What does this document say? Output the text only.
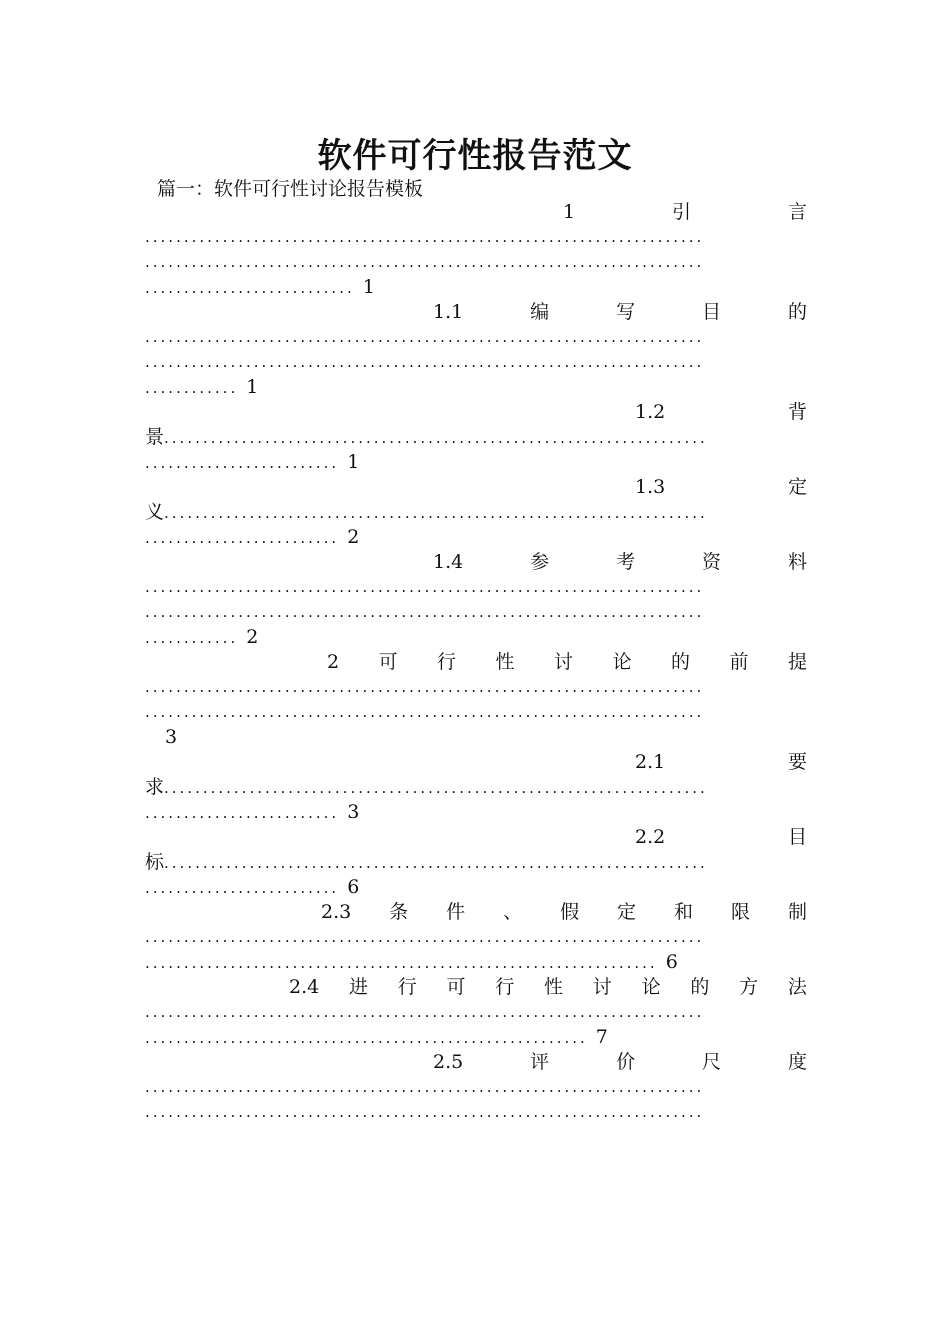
软件可行性报告范文
篇一：软件可行性讨论报告模板
1	引	言
........................................................................
........................................................................
........................... 1
1.1	编	写	目	的
........................................................................
........................................................................
............ 1
1.2	背
景......................................................................
......................... 1
1.3	定
义......................................................................
......................... 2
1.4	参	考	资	料
........................................................................
........................................................................
............ 2
2 可 行 性 讨 论 的 前 提
........................................................................
........................................................................
3
2.1	要
求......................................................................
......................... 3
2.2	目
标......................................................................
......................... 6
2.3 条 件 、 假 定 和 限 制
........................................................................
.................................................................. 6
2.4 进 行 可 行 性 讨 论 的 方 法
........................................................................
......................................................... 7
2.5	评	价	尺	度
........................................................................
........................................................................
